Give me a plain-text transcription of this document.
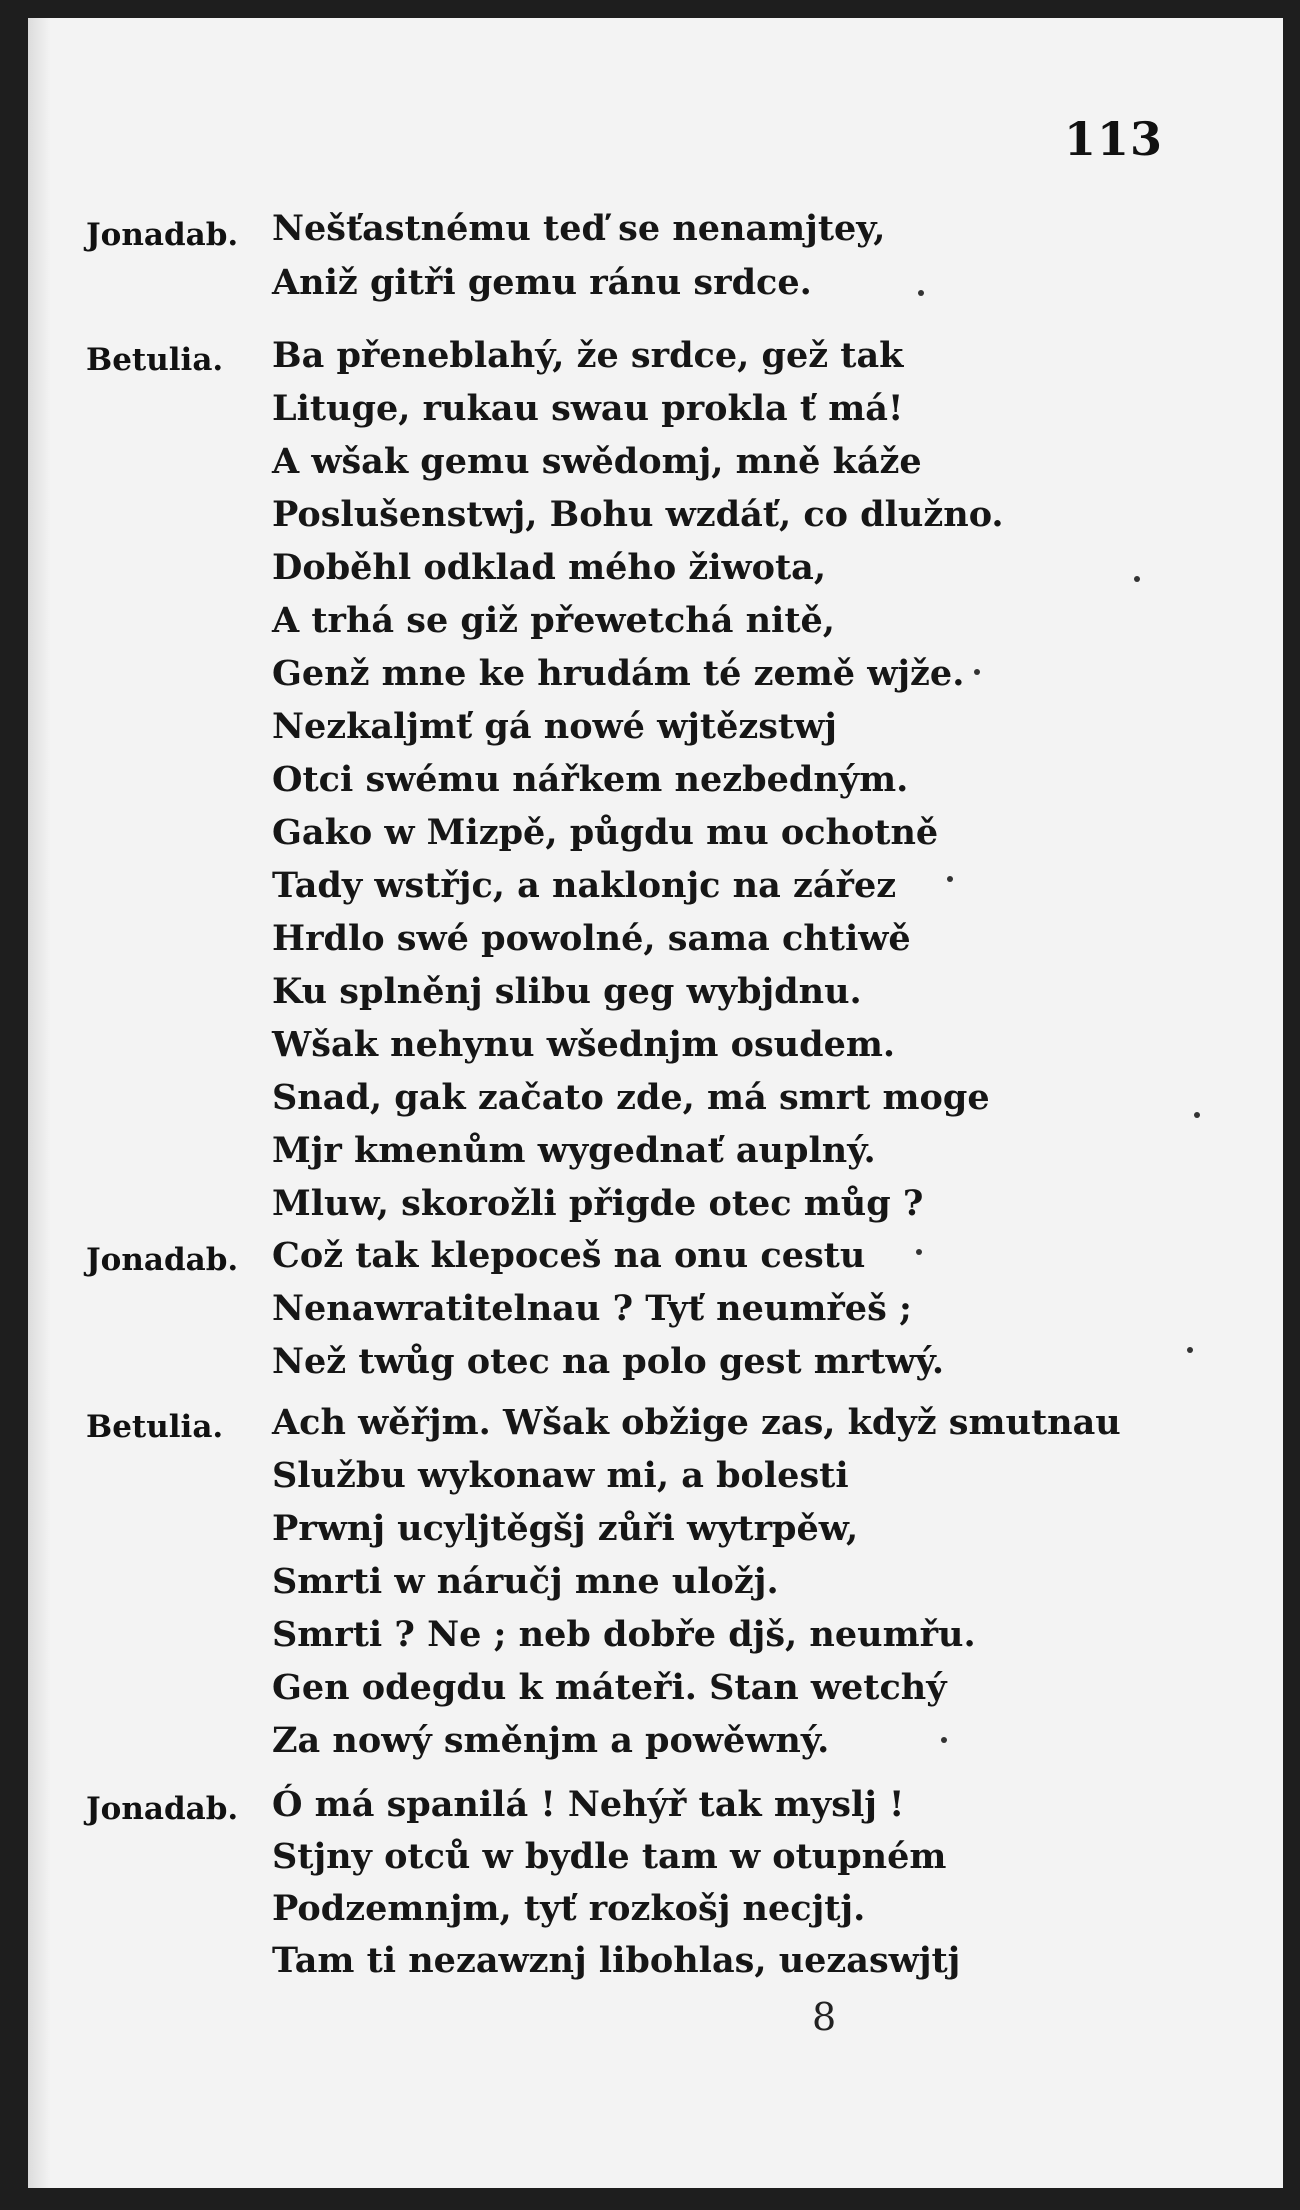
113
Jonadab. Nešťastnému teď se nenamjtey,
Aniž gitři gemu ránu srdce.
Betulia. Ba přeneblahý, že srdce, gež tak
Lituge, rukau swau prokla ť má!
A wšak gemu swědomj, mně káže
Poslušenstwj, Bohu wzdáť, co dlužno.
Doběhl odklad mého žiwota,
A trhá se giž přewetchá nitě,
Genž mne ke hrudám té země wjže.
Nezkaljmť gá nowé wjtězstwj
Otci swému nářkem nezbedným.
Gako w Mizpě, půgdu mu ochotně
Tady wstřjc, a naklonjc na zářez
Hrdlo swé powolné, sama chtiwě
Ku splněnj slibu geg wybjdnu.
Wšak nehynu wšednjm osudem.
Snad, gak začato zde, má smrt moge
Mjr kmenům wygednať auplný.
Mluw, skorožli přigde otec můg ?
Jonadab. Což tak klepoceš na onu cestu
Nenawratitelnau ? Tyť neumřeš ;
Než twůg otec na polo gest mrtwý.
Betulia. Ach wěřjm. Wšak obžige zas, když smutnau
Službu wykonaw mi, a bolesti
Prwnj ucyljtěgšj zůři wytrpěw,
Smrti w náručj mne uložj.
Smrti ? Ne ; neb dobře djš, neumřu.
Gen odegdu k máteři. Stan wetchý
Za nowý směnjm a powěwný.
Jonadab. Ó má spanilá ! Nehýř tak myslj !
Stjny otců w bydle tam w otupném
Podzemnjm, tyť rozkošj necjtj.
Tam ti nezawznj libohlas, uezaswjtj
8
